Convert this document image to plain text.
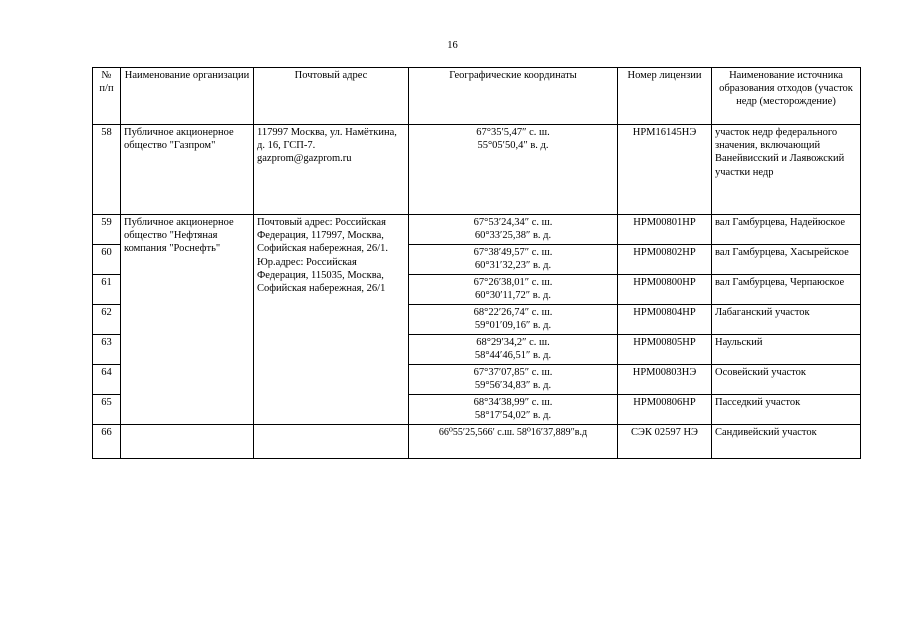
16
№ п/п	Наименование организации	Почтовый адрес	Географические координаты	Номер лицензии	Наименование источника образования отходов (участок недр (месторождение)
58	Публичное акционерное общество "Газпром"	117997 Москва, ул. Намёткина, д. 16, ГСП-7. gazprom@gazprom.ru	67°35′5,47″ с. ш.
55°05′50,4″ в. д.	НРМ16145НЭ	участок недр федерального значения, включающий Ванейвисский и Лаявожский участки недр
59	Публичное акционерное общество "Нефтяная компания "Роснефть"	Почтовый адрес: Российская Федерация, 117997, Москва, Софийская набережная, 26/1. Юр.адрес: Российская Федерация, 115035, Москва, Софийская набережная, 26/1	67°53′24,34″ с. ш.
60°33′25,38″ в. д.	НРМ00801НР	вал Гамбурцева, Надейюское
60			67°38′49,57″ с. ш.
60°31′32,23″ в. д.	НРМ00802НР	вал Гамбурцева, Хасырейское
61			67°26′38,01″ с. ш.
60°30′11,72″ в. д.	НРМ00800НР	вал Гамбурцева, Черпаюское
62			68°22′26,74″ с. ш.
59°01′09,16″ в. д.	НРМ00804НР	Лабаганский участок
63			68°29′34,2″ с. ш.
58°44′46,51″ в. д.	НРМ00805НР	Наульский
64			67°37′07,85″ с. ш.
59°56′34,83″ в. д.	НРМ00803НЭ	Осовейский участок
65			68°34′38,99″ с. ш.
58°17′54,02″ в. д.	НРМ00806НР	Пасседкий участок
66			66⁰55′25,566′ с.ш. 58⁰16′37,889″в.д	СЭК 02597 НЭ	Сандивейский участок
